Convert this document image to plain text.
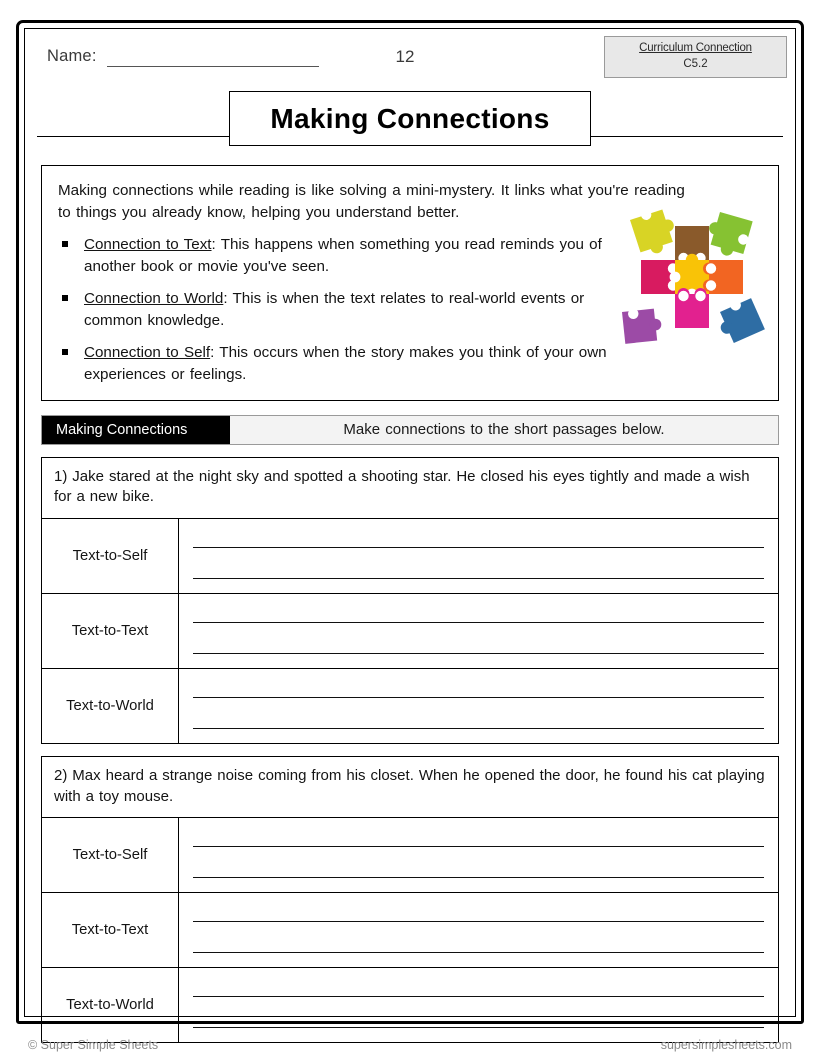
Name:	12	Curriculum Connection
C5.2
Making Connections
Making connections while reading is like solving a mini-mystery. It links what you're reading to things you already know, helping you understand better.
Connection to Text: This happens when something you read reminds you of another book or movie you've seen.
Connection to World: This is when the text relates to real-world events or common knowledge.
Connection to Self: This occurs when the story makes you think of your own experiences or feelings.
Making Connections	Make connections to the short passages below.
1) Jake stared at the night sky and spotted a shooting star. He closed his eyes tightly and made a wish for a new bike.
Text-to-Self
Text-to-Text
Text-to-World
2) Max heard a strange noise coming from his closet. When he opened the door, he found his cat playing with a toy mouse.
Text-to-Self
Text-to-Text
Text-to-World
© Super Simple Sheets	supersimplesheets.com
